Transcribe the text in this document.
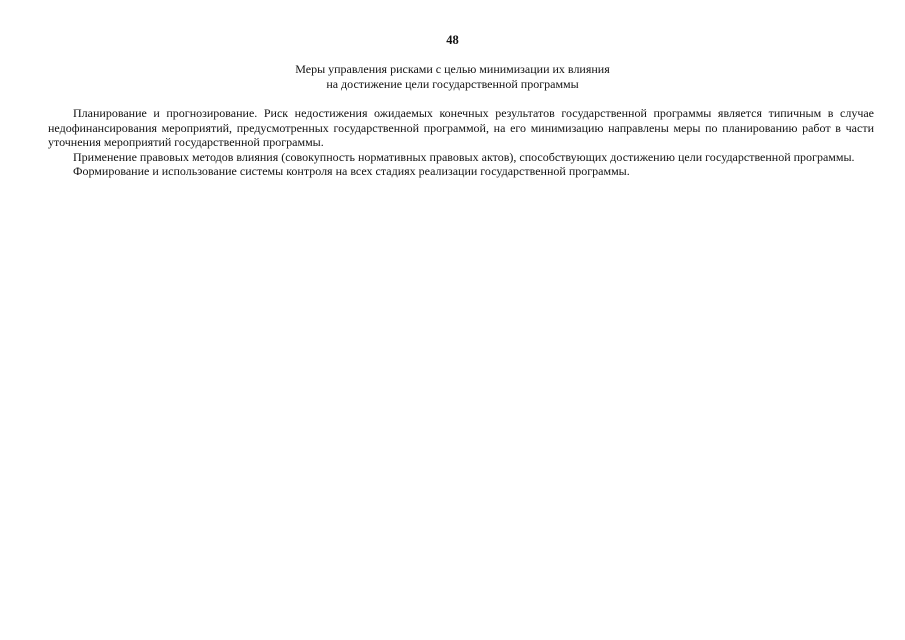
48
Меры управления рисками с целью минимизации их влияния
на достижение цели государственной программы

Планирование и прогнозирование. Риск недостижения ожидаемых конечных результатов государственной программы является типичным в случае недофинансирования мероприятий, предусмотренных государственной программой, на его минимизацию направлены меры по планированию работ в части уточнения мероприятий государственной программы.

Применение правовых методов влияния (совокупность нормативных правовых актов), способствующих достижению цели государственной программы.

Формирование и использование системы контроля на всех стадиях реализации государственной программы.
